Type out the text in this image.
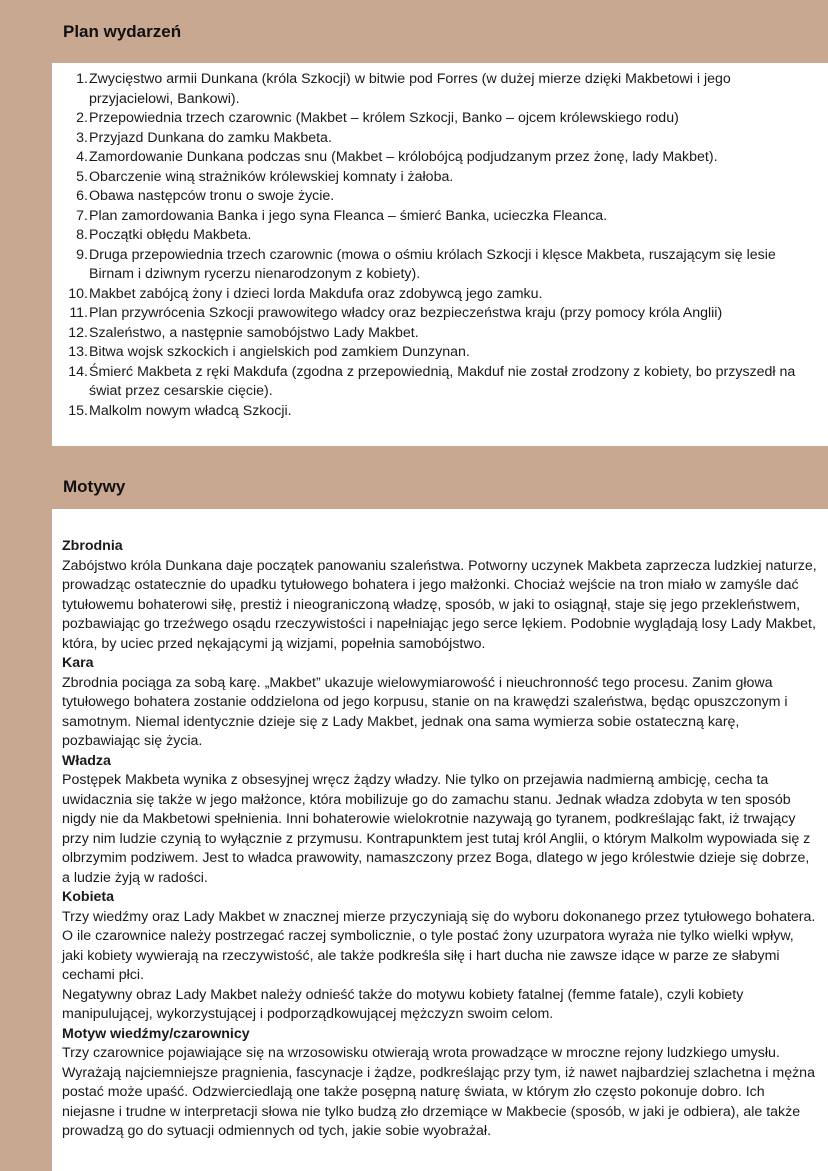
Plan wydarzeń
1. Zwycięstwo armii Dunkana (króla Szkocji) w bitwie pod Forres (w dużej mierze dzięki Makbetowi i jego przyjacielowi, Bankowi).
2. Przepowiednia trzech czarownic (Makbet – królem Szkocji, Banko – ojcem królewskiego rodu)
3. Przyjazd Dunkana do zamku Makbeta.
4. Zamordowanie Dunkana podczas snu (Makbet – królobójcą podjudzanym przez żonę, lady Makbet).
5. Obarczenie winą strażników królewskiej komnaty i żałoba.
6. Obawa następców tronu o swoje życie.
7. Plan zamordowania Banka i jego syna Fleanca – śmierć Banka, ucieczka Fleanca.
8. Początki obłędu Makbeta.
9. Druga przepowiednia trzech czarownic (mowa o ośmiu królach Szkocji i klęsce Makbeta, ruszającym się lesie Birnam i dziwnym rycerzu nienarodzonym z kobiety).
10. Makbet zabójcą żony i dzieci lorda Makdufa oraz zdobywcą jego zamku.
11. Plan przywrócenia Szkocji prawowitego władcy oraz bezpieczeństwa kraju (przy pomocy króla Anglii)
12. Szaleństwo, a następnie samobójstwo Lady Makbet.
13. Bitwa wojsk szkockich i angielskich pod zamkiem Dunzynan.
14. Śmierć Makbeta z ręki Makdufa (zgodna z przepowiednią, Makduf nie został zrodzony z kobiety, bo przyszedł na świat przez cesarskie cięcie).
15. Malkolm nowym władcą Szkocji.
Motywy
Zbrodnia

Zabójstwo króla Dunkana daje początek panowaniu szaleństwa. Potworny uczynek Makbeta zaprzecza ludzkiej naturze, prowadząc ostatecznie do upadku tytułowego bohatera i jego małżonki. Chociaż wejście na tron miało w zamyśle dać tytułowemu bohaterowi siłę, prestiż i nieograniczoną władzę, sposób, w jaki to osiągnął, staje się jego przekleństwem, pozbawiając go trzeźwego osądu rzeczywistości i napełniając jego serce lękiem. Podobnie wyglądają losy Lady Makbet, która, by uciec przed nękającymi ją wizjami, popełnia samobójstwo.

Kara

Zbrodnia pociąga za sobą karę. „Makbet” ukazuje wielowymiarowość i nieuchronność tego procesu. Zanim głowa tytułowego bohatera zostanie oddzielona od jego korpusu, stanie on na krawędzi szaleństwa, będąc opuszczonym i samotnym. Niemal identycznie dzieje się z Lady Makbet, jednak ona sama wymierza sobie ostateczną karę, pozbawiając się życia.

Władza

Postępek Makbeta wynika z obsesyjnej wręcz żądzy władzy. Nie tylko on przejawia nadmierną ambicję, cecha ta uwidacznia się także w jego małżonce, która mobilizuje go do zamachu stanu. Jednak władza zdobyta w ten sposób nigdy nie da Makbetowi spełnienia. Inni bohaterowie wielokrotnie nazywają go tyranem, podkreślając fakt, iż trwający przy nim ludzie czynią to wyłącznie z przymusu. Kontrapunktem jest tutaj król Anglii, o którym Malkolm wypowiada się z olbrzymim podziwem. Jest to władca prawowity, namaszczony przez Boga, dlatego w jego królestwie dzieje się dobrze, a ludzie żyją w radości.

Kobieta

Trzy wiedźmy oraz Lady Makbet w znacznej mierze przyczyniają się do wyboru dokonanego przez tytułowego bohatera. O ile czarownice należy postrzegać raczej symbolicznie, o tyle postać żony uzurpatora wyraża nie tylko wielki wpływ, jaki kobiety wywierają na rzeczywistość, ale także podkreśla siłę i hart ducha nie zawsze idące w parze ze słabymi cechami płci.

Negatywny obraz Lady Makbet należy odnieść także do motywu kobiety fatalnej (femme fatale), czyli kobiety manipulującej, wykorzystującej i podporządkowującej mężczyzn swoim celom.

Motyw wiedźmy/czarownicy

Trzy czarownice pojawiające się na wrzosowisku otwierają wrota prowadzące w mroczne rejony ludzkiego umysłu. Wyrażają najciemniejsze pragnienia, fascynacje i żądze, podkreślając przy tym, iż nawet najbardziej szlachetna i mężna postać może upaść. Odzwierciedlają one także posępną naturę świata, w którym zło często pokonuje dobro. Ich niejasne i trudne w interpretacji słowa nie tylko budzą zło drzemiące w Makbecie (sposób, w jaki je odbiera), ale także prowadzą go do sytuacji odmiennych od tych, jakie sobie wyobrażał.
